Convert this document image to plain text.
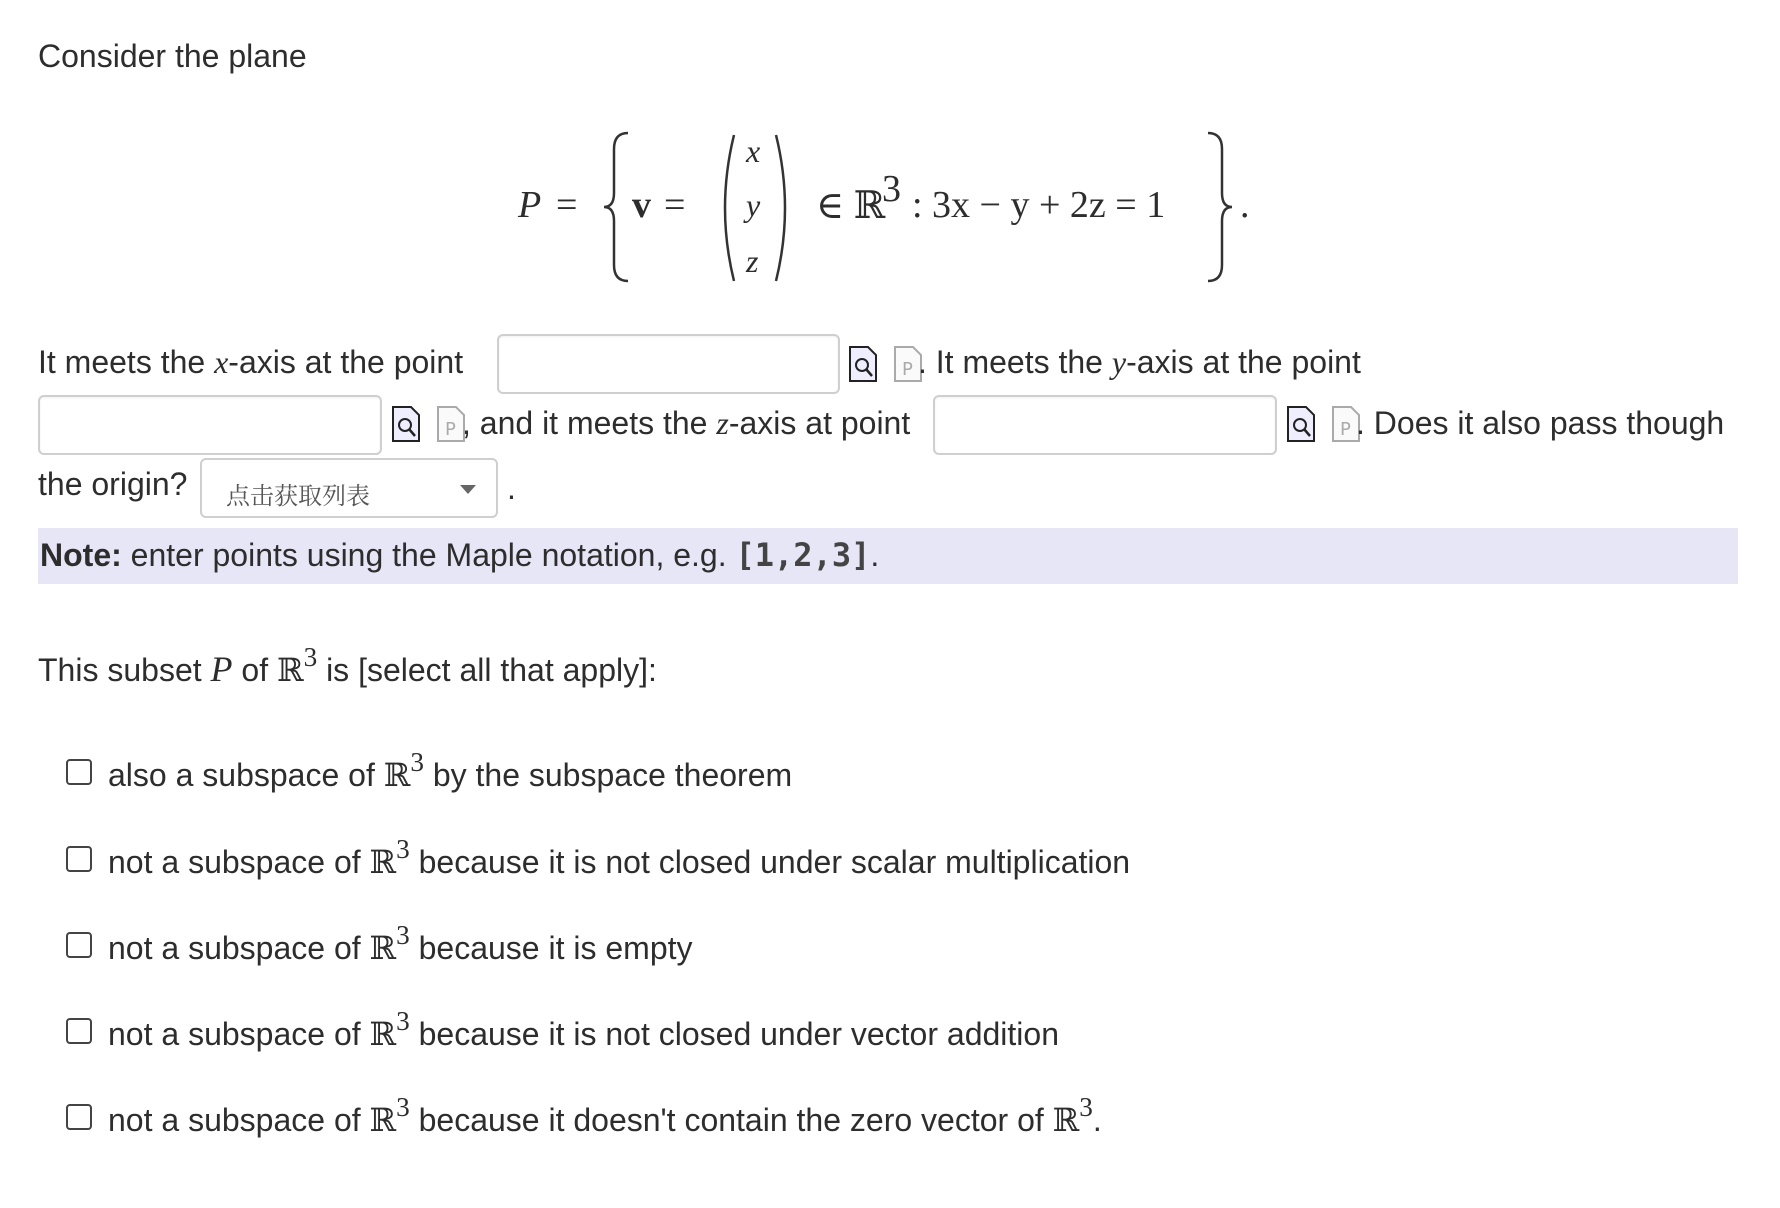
Consider the plane
P = v =
x
y
z
∈ ℝ
3 : 3x − y + 2z = 1 .
It meets the x-axis at the point	P . It meets the y-axis at the point
P , and it meets the z-axis at point	P . Does it also pass though
the origin? 点击获取列表	.
Note: enter points using the Maple notation, e.g. [1,2,3].
This subset P of ℝ$^3$ is [select all that apply]:
also a subspace of ℝ$^3$ by the subspace theorem
not a subspace of ℝ$^3$ because it is not closed under scalar multiplication
not a subspace of ℝ$^3$ because it is empty
not a subspace of ℝ$^3$ because it is not closed under vector addition
not a subspace of ℝ$^3$ because it doesn't contain the zero vector of ℝ$^3$.
